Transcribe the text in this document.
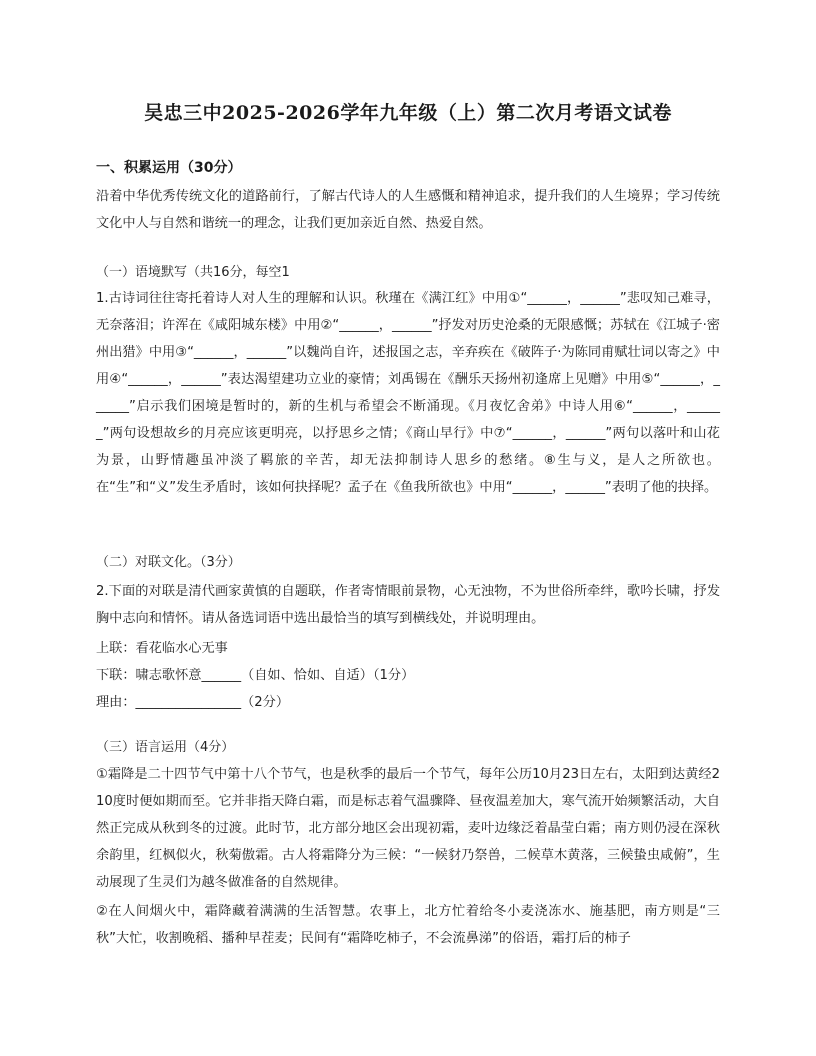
吴忠三中2025-2026学年九年级（上）第二次月考语文试卷
一、积累运用（30分）
沿着中华优秀传统文化的道路前行，了解古代诗人的人生感慨和精神追求，提升我们的人生境界；学习传统文化中人与自然和谐统一的理念，让我们更加亲近自然、热爱自然。
（一）语境默写（共16分，每空1
1.古诗词往往寄托着诗人对人生的理解和认识。秋瑾在《满江红》中用①“______，______”悲叹知己难寻，无奈落泪；许浑在《咸阳城东楼》中用②“______，______”抒发对历史沧桑的无限感慨；苏轼在《江城子·密州出猎》中用③“______，______”以魏尚自许，述报国之志，辛弃疾在《破阵子·为陈同甫赋壮词以寄之》中用④“______，______”表达渴望建功立业的豪情；刘禹锡在《酬乐天扬州初逢席上见赠》中用⑤“______，______”启示我们困境是暂时的，新的生机与希望会不断涌现。《月夜忆舍弟》中诗人用⑥“______，______”两句设想故乡的月亮应该更明亮，以抒思乡之情；《商山早行》中⑦“______，______”两句以落叶和山花为景，山野情趣虽冲淡了羁旅的辛苦，却无法抑制诗人思乡的愁绪。⑧生与义，是人之所欲也。在“生”和“义”发生矛盾时，该如何抉择呢？孟子在《鱼我所欲也》中用“______，______”表明了他的抉择。
（二）对联文化。（3分）
2.下面的对联是清代画家黄慎的自题联，作者寄情眼前景物，心无浊物，不为世俗所牵绊，歌吟长啸，抒发胸中志向和情怀。请从备选词语中选出最恰当的填写到横线处，并说明理由。
上联：看花临水心无事
下联：啸志歌怀意______（自如、恰如、自适）（1分）
理由：________________（2分）
（三）语言运用（4分）
①霜降是二十四节气中第十八个节气，也是秋季的最后一个节气，每年公历10月23日左右，太阳到达黄经210度时便如期而至。它并非指天降白霜，而是标志着气温骤降、昼夜温差加大，寒气流开始频繁活动，大自然正完成从秋到冬的过渡。此时节，北方部分地区会出现初霜，麦叶边缘泛着晶莹白霜；南方则仍浸在深秋余韵里，红枫似火，秋菊傲霜。古人将霜降分为三候：“一候豺乃祭兽，二候草木黄落，三候蛰虫咸俯”，生动展现了生灵们为越冬做准备的自然规律。
②在人间烟火中，霜降藏着满满的生活智慧。农事上，北方忙着给冬小麦浇冻水、施基肥，南方则是“三秋”大忙，收割晚稻、播种早茬麦；民间有“霜降吃柿子，不会流鼻涕”的俗语，霜打后的柿子
